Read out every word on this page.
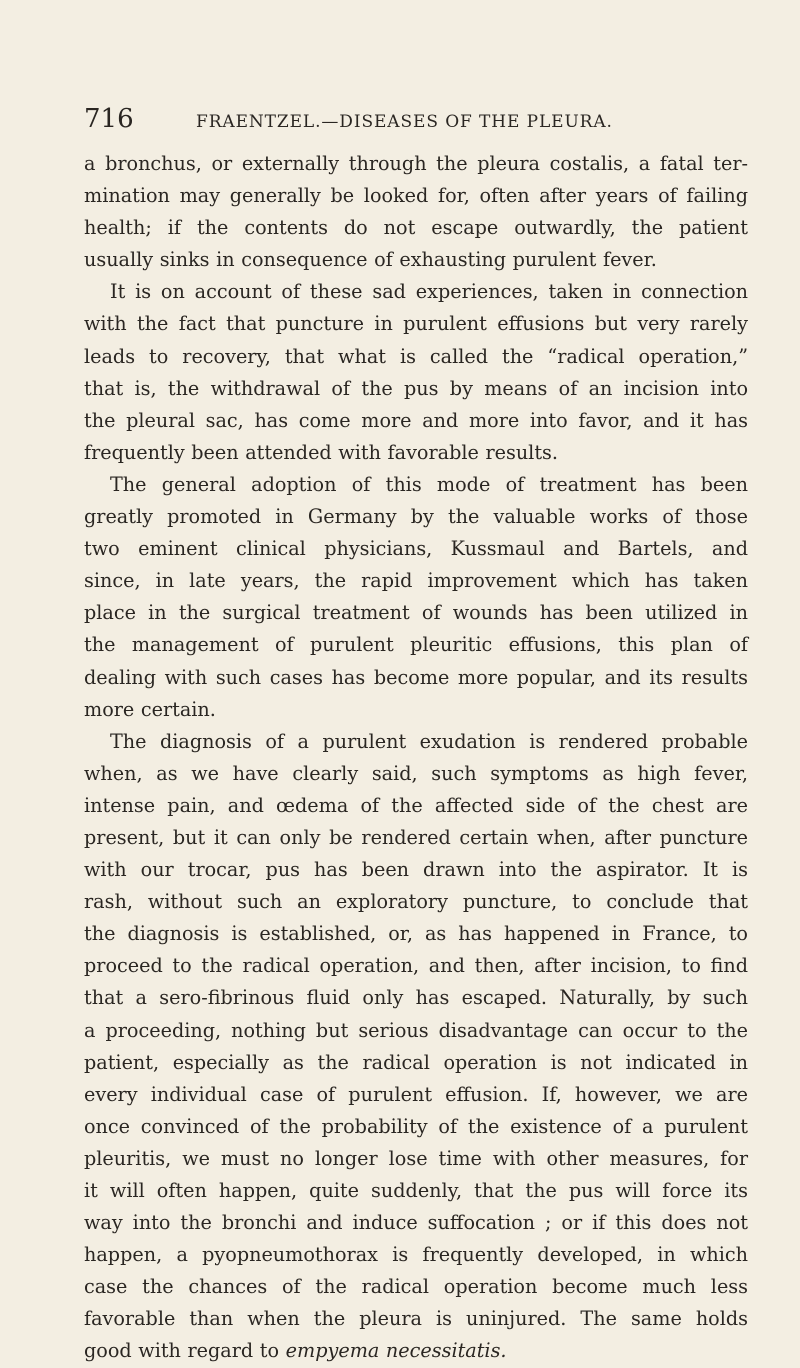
716	FRAENTZEL.—DISEASES OF THE PLEURA.
a bronchus, or externally through the pleura costalis, a fatal ter-
mination may generally be looked for, often after years of failing
health; if the contents do not escape outwardly, the patient
usually sinks in consequence of exhausting purulent fever.
It is on account of these sad experiences, taken in connection
with the fact that puncture in purulent effusions but very rarely
leads to recovery, that what is called the “radical operation,”
that is, the withdrawal of the pus by means of an incision into
the pleural sac, has come more and more into favor, and it has
frequently been attended with favorable results.
The general adoption of this mode of treatment has been
greatly promoted in Germany by the valuable works of those
two eminent clinical physicians, Kussmaul and Bartels, and
since, in late years, the rapid improvement which has taken
place in the surgical treatment of wounds has been utilized in
the management of purulent pleuritic effusions, this plan of
dealing with such cases has become more popular, and its results
more certain.
The diagnosis of a purulent exudation is rendered probable
when, as we have clearly said, such symptoms as high fever,
intense pain, and œdema of the affected side of the chest are
present, but it can only be rendered certain when, after puncture
with our trocar, pus has been drawn into the aspirator. It is
rash, without such an exploratory puncture, to conclude that
the diagnosis is established, or, as has happened in France, to
proceed to the radical operation, and then, after incision, to find
that a sero-fibrinous fluid only has escaped. Naturally, by such
a proceeding, nothing but serious disadvantage can occur to the
patient, especially as the radical operation is not indicated in
every individual case of purulent effusion. If, however, we are
once convinced of the probability of the existence of a purulent
pleuritis, we must no longer lose time with other measures, for
it will often happen, quite suddenly, that the pus will force its
way into the bronchi and induce suffocation ; or if this does not
happen, a pyopneumothorax is frequently developed, in which
case the chances of the radical operation become much less
favorable than when the pleura is uninjured. The same holds
good with regard to empyema necessitatis.
